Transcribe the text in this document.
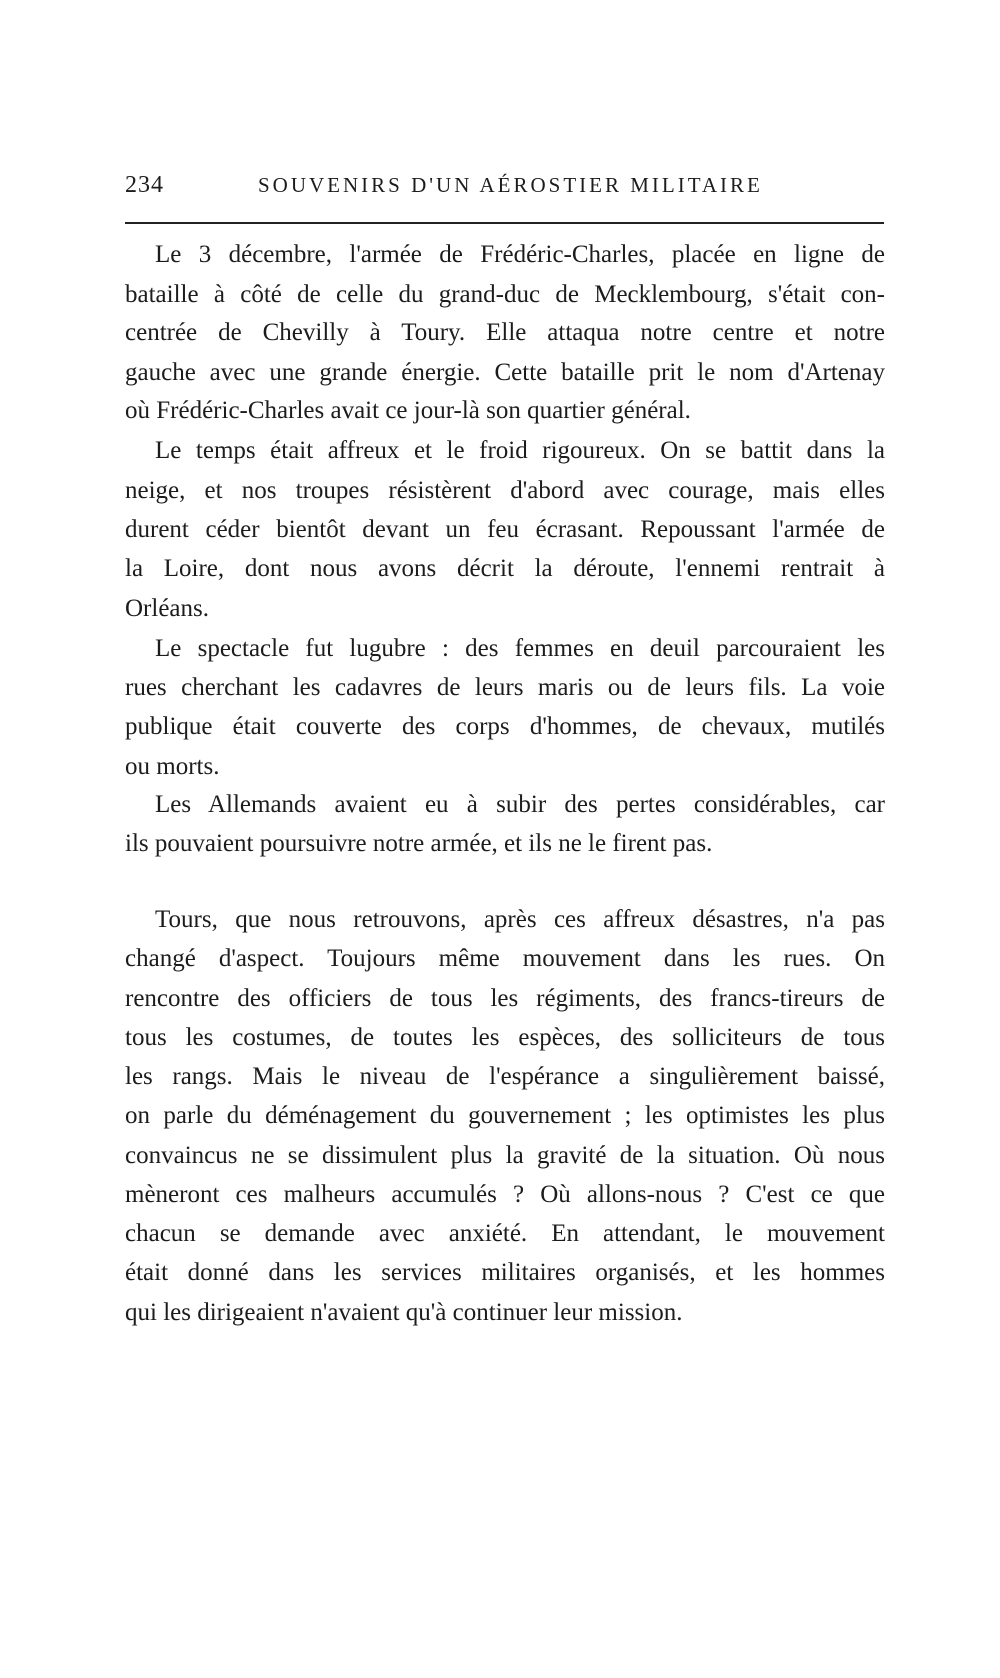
234	SOUVENIRS D'UN AÉROSTIER MILITAIRE
Le 3 décembre, l'armée de Frédéric-Charles, placée en ligne de
bataille à côté de celle du grand-duc de Mecklembourg, s'était con-
centrée de Chevilly à Toury. Elle attaqua notre centre et notre
gauche avec une grande énergie. Cette bataille prit le nom d'Artenay
où Frédéric-Charles avait ce jour-là son quartier général.
Le temps était affreux et le froid rigoureux. On se battit dans la
neige, et nos troupes résistèrent d'abord avec courage, mais elles
durent céder bientôt devant un feu écrasant. Repoussant l'armée de
la Loire, dont nous avons décrit la déroute, l'ennemi rentrait à
Orléans.
Le spectacle fut lugubre : des femmes en deuil parcouraient les
rues cherchant les cadavres de leurs maris ou de leurs fils. La voie
publique était couverte des corps d'hommes, de chevaux, mutilés
ou morts.
Les Allemands avaient eu à subir des pertes considérables, car
ils pouvaient poursuivre notre armée, et ils ne le firent pas.
Tours, que nous retrouvons, après ces affreux désastres, n'a pas
changé d'aspect. Toujours même mouvement dans les rues. On
rencontre des officiers de tous les régiments, des francs-tireurs de
tous les costumes, de toutes les espèces, des solliciteurs de tous
les rangs. Mais le niveau de l'espérance a singulièrement baissé,
on parle du déménagement du gouvernement ; les optimistes les plus
convaincus ne se dissimulent plus la gravité de la situation. Où nous
mèneront ces malheurs accumulés ? Où allons-nous ? C'est ce que
chacun se demande avec anxiété. En attendant, le mouvement
était donné dans les services militaires organisés, et les hommes
qui les dirigeaient n'avaient qu'à continuer leur mission.
